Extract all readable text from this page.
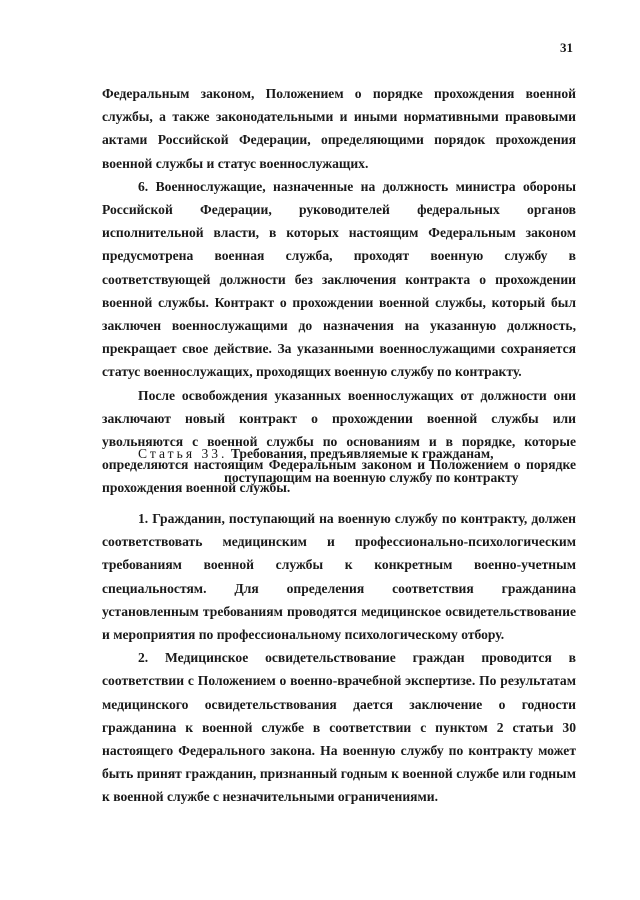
31

Федеральным законом, Положением о порядке прохождения военной службы, а также законодательными и иными нормативными правовыми актами Российской Федерации, определяющими порядок прохождения военной службы и статус военнослужащих.

6. Военнослужащие, назначенные на должность министра обороны Российской Федерации, руководителей федеральных органов исполнительной власти, в которых настоящим Федеральным законом предусмотрена военная служба, проходят военную службу в соответствующей должности без заключения контракта о прохождении военной службы. Контракт о прохождении военной службы, который был заключен военнослужащими до назначения на указанную должность, прекращает свое действие. За указанными военнослужащими сохраняется статус военнослужащих, проходящих военную службу по контракту.

После освобождения указанных военнослужащих от должности они заключают новый контракт о прохождении военной службы или увольняются с военной службы по основаниям и в порядке, которые определяются настоящим Федеральным законом и Положением о порядке прохождения военной службы.

Статья 33. Требования, предъявляемые к гражданам,
поступающим на военную службу по контракту

1. Гражданин, поступающий на военную службу по контракту, должен соответствовать медицинским и профессионально-психологическим требованиям военной службы к конкретным военно-учетным специальностям. Для определения соответствия гражданина установленным требованиям проводятся медицинское освидетельствование и мероприятия по профессиональному психологическому отбору.

2. Медицинское освидетельствование граждан проводится в соответствии с Положением о военно-врачебной экспертизе. По результатам медицинского освидетельствования дается заключение о годности гражданина к военной службе в соответствии с пунктом 2 статьи 30 настоящего Федерального закона. На военную службу по контракту может быть принят гражданин, признанный годным к военной службе или годным к военной службе с незначительными ограничениями.
